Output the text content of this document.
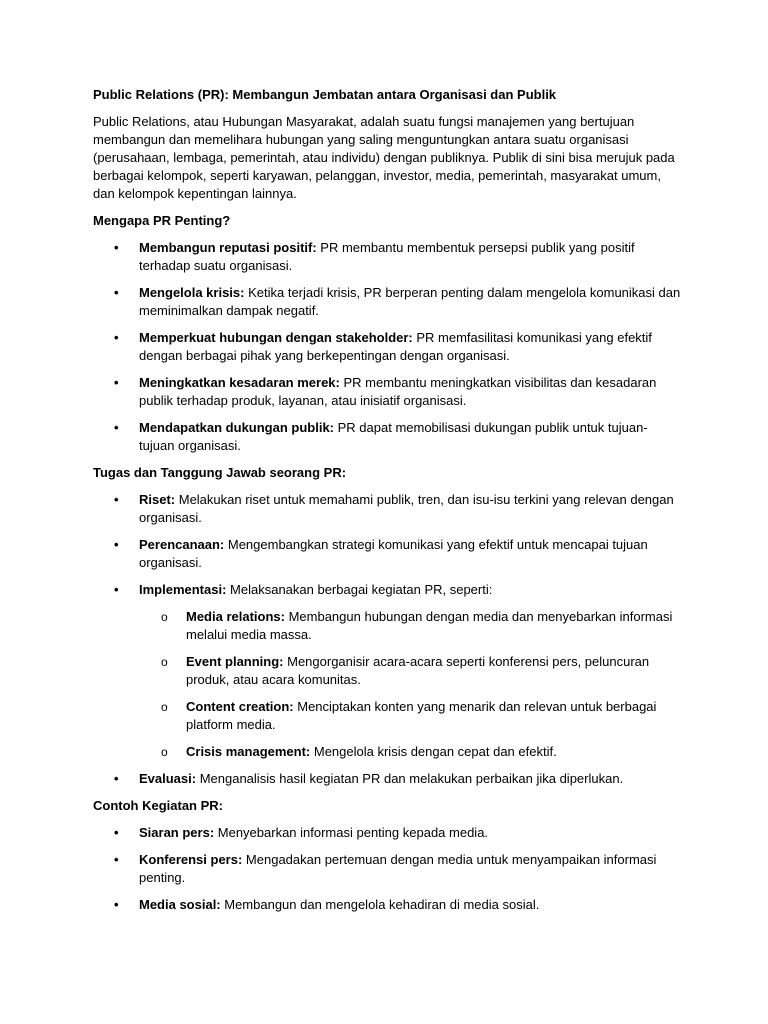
Public Relations (PR): Membangun Jembatan antara Organisasi dan Publik

Public Relations, atau Hubungan Masyarakat, adalah suatu fungsi manajemen yang bertujuan membangun dan memelihara hubungan yang saling menguntungkan antara suatu organisasi (perusahaan, lembaga, pemerintah, atau individu) dengan publiknya. Publik di sini bisa merujuk pada berbagai kelompok, seperti karyawan, pelanggan, investor, media, pemerintah, masyarakat umum, dan kelompok kepentingan lainnya.

Mengapa PR Penting?

• Membangun reputasi positif: PR membantu membentuk persepsi publik yang positif terhadap suatu organisasi.
• Mengelola krisis: Ketika terjadi krisis, PR berperan penting dalam mengelola komunikasi dan meminimalkan dampak negatif.
• Memperkuat hubungan dengan stakeholder: PR memfasilitasi komunikasi yang efektif dengan berbagai pihak yang berkepentingan dengan organisasi.
• Meningkatkan kesadaran merek: PR membantu meningkatkan visibilitas dan kesadaran publik terhadap produk, layanan, atau inisiatif organisasi.
• Mendapatkan dukungan publik: PR dapat memobilisasi dukungan publik untuk tujuan-tujuan organisasi.

Tugas dan Tanggung Jawab seorang PR:

• Riset: Melakukan riset untuk memahami publik, tren, dan isu-isu terkini yang relevan dengan organisasi.
• Perencanaan: Mengembangkan strategi komunikasi yang efektif untuk mencapai tujuan organisasi.
• Implementasi: Melaksanakan berbagai kegiatan PR, seperti:
o Media relations: Membangun hubungan dengan media dan menyebarkan informasi melalui media massa.
o Event planning: Mengorganisir acara-acara seperti konferensi pers, peluncuran produk, atau acara komunitas.
o Content creation: Menciptakan konten yang menarik dan relevan untuk berbagai platform media.
o Crisis management: Mengelola krisis dengan cepat dan efektif.
• Evaluasi: Menganalisis hasil kegiatan PR dan melakukan perbaikan jika diperlukan.

Contoh Kegiatan PR:

• Siaran pers: Menyebarkan informasi penting kepada media.
• Konferensi pers: Mengadakan pertemuan dengan media untuk menyampaikan informasi penting.
• Media sosial: Membangun dan mengelola kehadiran di media sosial.
